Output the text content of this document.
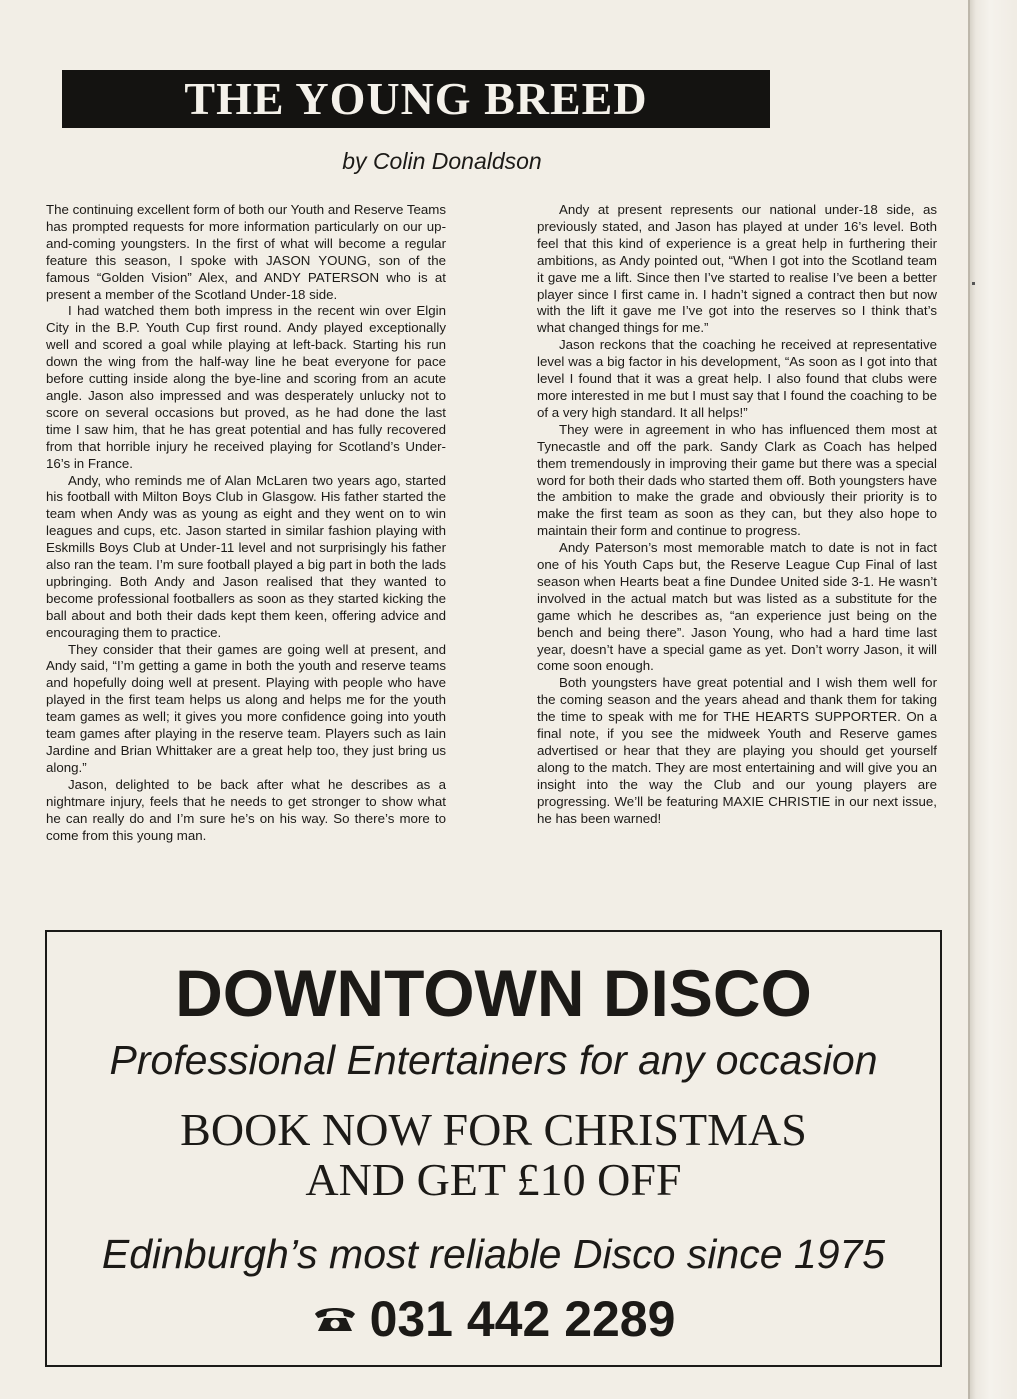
THE YOUNG BREED
by Colin Donaldson

The continuing excellent form of both our Youth and Reserve Teams has prompted requests for more information particularly on our up-and-coming youngsters. In the first of what will become a regular feature this season, I spoke with JASON YOUNG, son of the famous “Golden Vision” Alex, and ANDY PATERSON who is at present a member of the Scotland Under-18 side.

I had watched them both impress in the recent win over Elgin City in the B.P. Youth Cup first round. Andy played exceptionally well and scored a goal while playing at left-back. Starting his run down the wing from the half-way line he beat everyone for pace before cutting inside along the bye-line and scoring from an acute angle. Jason also impressed and was desperately unlucky not to score on several occasions but proved, as he had done the last time I saw him, that he has great potential and has fully recovered from that horrible injury he received playing for Scotland’s Under-16’s in France.

Andy, who reminds me of Alan McLaren two years ago, started his football with Milton Boys Club in Glasgow. His father started the team when Andy was as young as eight and they went on to win leagues and cups, etc. Jason started in similar fashion playing with Eskmills Boys Club at Under-11 level and not surprisingly his father also ran the team. I’m sure football played a big part in both the lads upbringing. Both Andy and Jason realised that they wanted to become professional footballers as soon as they started kicking the ball about and both their dads kept them keen, offering advice and encouraging them to practice.

They consider that their games are going well at present, and Andy said, “I’m getting a game in both the youth and reserve teams and hopefully doing well at present. Playing with people who have played in the first team helps us along and helps me for the youth team games as well; it gives you more confidence going into youth team games after playing in the reserve team. Players such as Iain Jardine and Brian Whittaker are a great help too, they just bring us along.”

Jason, delighted to be back after what he describes as a nightmare injury, feels that he needs to get stronger to show what he can really do and I’m sure he’s on his way. So there’s more to come from this young man.

Andy at present represents our national under-18 side, as previously stated, and Jason has played at under 16’s level. Both feel that this kind of experience is a great help in furthering their ambitions, as Andy pointed out, “When I got into the Scotland team it gave me a lift. Since then I’ve started to realise I’ve been a better player since I first came in. I hadn’t signed a contract then but now with the lift it gave me I’ve got into the reserves so I think that’s what changed things for me.”

Jason reckons that the coaching he received at representative level was a big factor in his development, “As soon as I got into that level I found that it was a great help. I also found that clubs were more interested in me but I must say that I found the coaching to be of a very high standard. It all helps!”

They were in agreement in who has influenced them most at Tynecastle and off the park. Sandy Clark as Coach has helped them tremendously in improving their game but there was a special word for both their dads who started them off. Both youngsters have the ambition to make the grade and obviously their priority is to make the first team as soon as they can, but they also hope to maintain their form and continue to progress.

Andy Paterson’s most memorable match to date is not in fact one of his Youth Caps but, the Reserve League Cup Final of last season when Hearts beat a fine Dundee United side 3-1. He wasn’t involved in the actual match but was listed as a substitute for the game which he describes as, “an experience just being on the bench and being there”. Jason Young, who had a hard time last year, doesn’t have a special game as yet. Don’t worry Jason, it will come soon enough.

Both youngsters have great potential and I wish them well for the coming season and the years ahead and thank them for taking the time to speak with me for THE HEARTS SUPPORTER. On a final note, if you see the midweek Youth and Reserve games advertised or hear that they are playing you should get yourself along to the match. They are most entertaining and will give you an insight into the way the Club and our young players are progressing. We’ll be featuring MAXIE CHRISTIE in our next issue, he has been warned!

DOWNTOWN DISCO
Professional Entertainers for any occasion
BOOK NOW FOR CHRISTMAS
AND GET £10 OFF
Edinburgh’s most reliable Disco since 1975
031 442 2289
